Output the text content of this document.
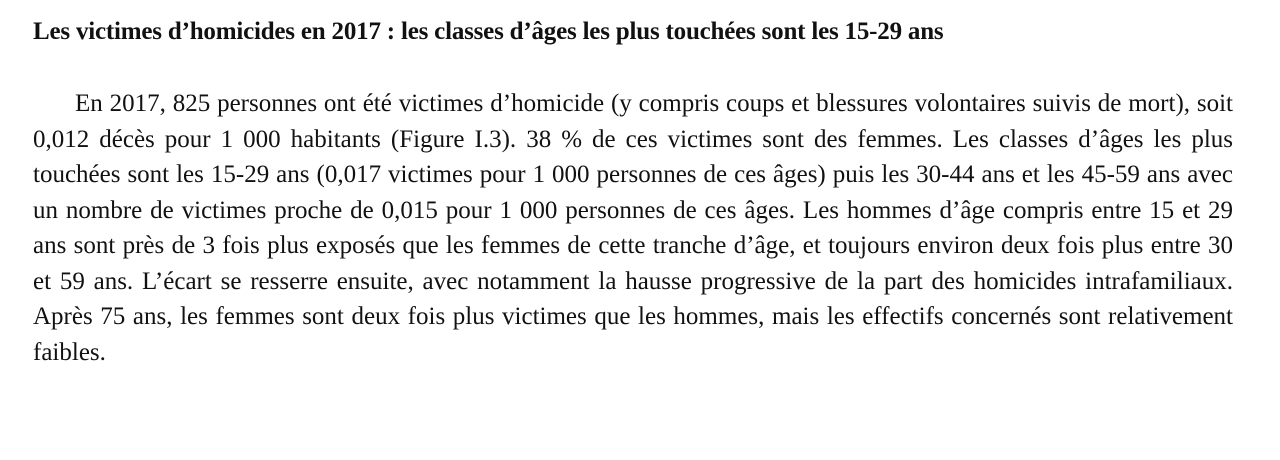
Les victimes d’homicides en 2017 : les classes d’âges les plus touchées sont les 15-29 ans

En 2017, 825 personnes ont été victimes d’homicide (y compris coups et blessures volontaires suivis de mort), soit 0,012 décès pour 1 000 habitants (Figure I.3). 38 % de ces victimes sont des femmes. Les classes d’âges les plus touchées sont les 15-29 ans (0,017 victimes pour 1 000 personnes de ces âges) puis les 30-44 ans et les 45-59 ans avec un nombre de victimes proche de 0,015 pour 1 000 personnes de ces âges. Les hommes d’âge compris entre 15 et 29 ans sont près de 3 fois plus exposés que les femmes de cette tranche d’âge, et toujours environ deux fois plus entre 30 et 59 ans. L’écart se resserre ensuite, avec notamment la hausse progressive de la part des homicides intrafamiliaux. Après 75 ans, les femmes sont deux fois plus victimes que les hommes, mais les effectifs concernés sont relativement faibles.
